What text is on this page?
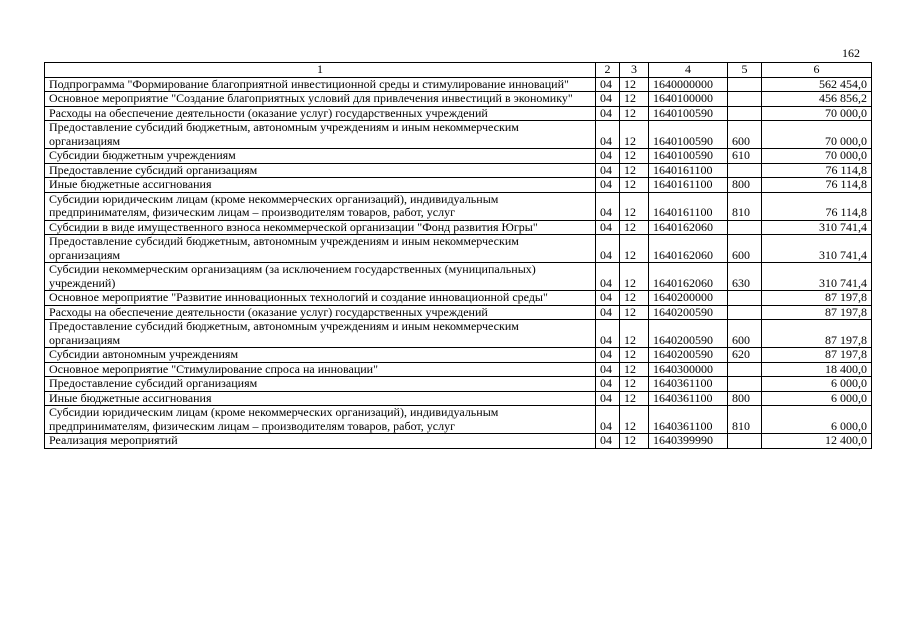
162
1	2	3	4	5	6
Подпрограмма "Формирование благоприятной инвестиционной среды и стимулирование инноваций"	04	12	1640000000		562 454,0
Основное мероприятие "Создание благоприятных условий для привлечения инвестиций в экономику"	04	12	1640100000		456 856,2
Расходы на обеспечение деятельности (оказание услуг) государственных учреждений	04	12	1640100590		70 000,0
Предоставление субсидий бюджетным, автономным учреждениям и иным некоммерческим организациям	04	12	1640100590	600	70 000,0
Субсидии бюджетным учреждениям	04	12	1640100590	610	70 000,0
Предоставление субсидий организациям	04	12	1640161100		76 114,8
Иные бюджетные ассигнования	04	12	1640161100	800	76 114,8
Субсидии юридическим лицам (кроме некоммерческих организаций), индивидуальным предпринимателям, физическим лицам – производителям товаров, работ, услуг	04	12	1640161100	810	76 114,8
Субсидии в виде имущественного взноса некоммерческой организации "Фонд развития Югры"	04	12	1640162060		310 741,4
Предоставление субсидий бюджетным, автономным учреждениям и иным некоммерческим организациям	04	12	1640162060	600	310 741,4
Субсидии некоммерческим организациям (за исключением государственных (муниципальных) учреждений)	04	12	1640162060	630	310 741,4
Основное мероприятие "Развитие инновационных технологий и создание инновационной среды"	04	12	1640200000		87 197,8
Расходы на обеспечение деятельности (оказание услуг) государственных учреждений	04	12	1640200590		87 197,8
Предоставление субсидий бюджетным, автономным учреждениям и иным некоммерческим организациям	04	12	1640200590	600	87 197,8
Субсидии автономным учреждениям	04	12	1640200590	620	87 197,8
Основное мероприятие "Стимулирование спроса на инновации"	04	12	1640300000		18 400,0
Предоставление субсидий организациям	04	12	1640361100		6 000,0
Иные бюджетные ассигнования	04	12	1640361100	800	6 000,0
Субсидии юридическим лицам (кроме некоммерческих организаций), индивидуальным предпринимателям, физическим лицам – производителям товаров, работ, услуг	04	12	1640361100	810	6 000,0
Реализация мероприятий	04	12	1640399990		12 400,0
